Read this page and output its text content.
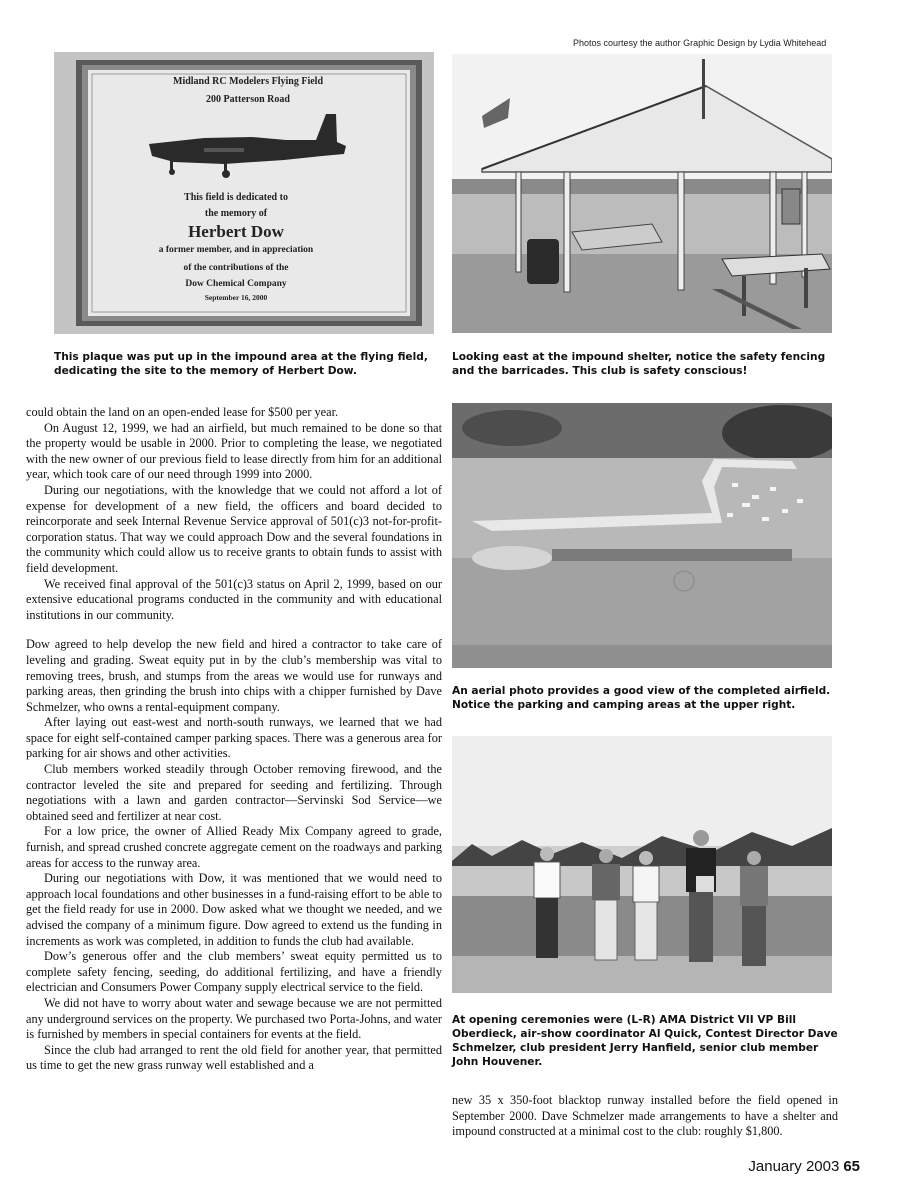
Photos courtesy the author Graphic Design by Lydia Whitehead
Midland RC Modelers Flying Field
200 Patterson Road
This field is dedicated to
the memory of
Herbert Dow
a former member, and in appreciation
of the contributions of the
Dow Chemical Company
September 16, 2000

This plaque was put up in the impound area at the flying field, dedicating the site to the memory of Herbert Dow.

Looking east at the impound shelter, notice the safety fencing and the barricades. This club is safety conscious!

An aerial photo provides a good view of the completed airfield. Notice the parking and camping areas at the upper right.

At opening ceremonies were (L-R) AMA District VII VP Bill Oberdieck, air-show coordinator Al Quick, Contest Director Dave Schmelzer, club president Jerry Hanfield, senior club member John Houvener.

could obtain the land on an open-ended lease for $500 per year.

On August 12, 1999, we had an airfield, but much remained to be done so that the property would be usable in 2000. Prior to completing the lease, we negotiated with the new owner of our previous field to lease directly from him for an additional year, which took care of our need through 1999 into 2000.

During our negotiations, with the knowledge that we could not afford a lot of expense for development of a new field, the officers and board decided to reincorporate and seek Internal Revenue Service approval of 501(c)3 not-for-profit-corporation status. That way we could approach Dow and the several foundations in the community which could allow us to receive grants to obtain funds to assist with field development.

We received final approval of the 501(c)3 status on April 2, 1999, based on our extensive educational programs conducted in the community and with educational institutions in our community.

Dow agreed to help develop the new field and hired a contractor to take care of leveling and grading. Sweat equity put in by the club’s membership was vital to removing trees, brush, and stumps from the areas we would use for runways and parking areas, then grinding the brush into chips with a chipper furnished by Dave Schmelzer, who owns a rental-equipment company.

After laying out east-west and north-south runways, we learned that we had space for eight self-contained camper parking spaces. There was a generous area for parking for air shows and other activities.

Club members worked steadily through October removing firewood, and the contractor leveled the site and prepared for seeding and fertilizing. Through negotiations with a lawn and garden contractor—Servinski Sod Service—we obtained seed and fertilizer at near cost.

For a low price, the owner of Allied Ready Mix Company agreed to grade, furnish, and spread crushed concrete aggregate cement on the roadways and parking areas for access to the runway area.

During our negotiations with Dow, it was mentioned that we would need to approach local foundations and other businesses in a fund-raising effort to be able to get the field ready for use in 2000. Dow asked what we thought we needed, and we advised the company of a minimum figure. Dow agreed to extend us the funding in increments as work was completed, in addition to funds the club had available.

Dow’s generous offer and the club members’ sweat equity permitted us to complete safety fencing, seeding, do additional fertilizing, and have a friendly electrician and Consumers Power Company supply electrical service to the field.

We did not have to worry about water and sewage because we are not permitted any underground services on the property. We purchased two Porta-Johns, and water is furnished by members in special containers for events at the field.

Since the club had arranged to rent the old field for another year, that permitted us time to get the new grass runway well established and a

new 35 x 350-foot blacktop runway installed before the field opened in September 2000. Dave Schmelzer made arrangements to have a shelter and impound constructed at a minimal cost to the club: roughly $1,800.

January 2003 65
